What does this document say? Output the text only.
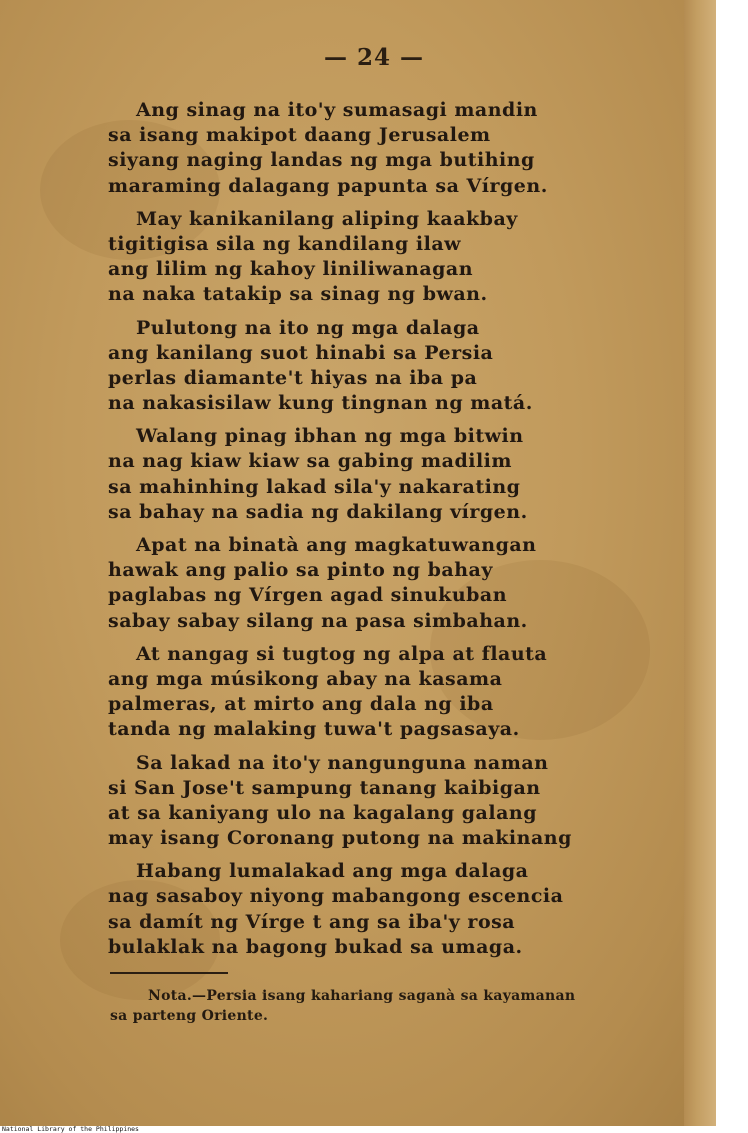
— 24 —
Ang sinag na ito'y sumasagi mandin
sa isang makipot daang Jerusalem
siyang naging landas ng mga butihing
maraming dalagang papunta sa Vírgen.
May kanikanilang aliping kaakbay
tigitigisa sila ng kandilang ilaw
ang lilim ng kahoy liniliwanagan
na naka tatakip sa sinag ng bwan.
Pulutong na ito ng mga dalaga
ang kanilang suot hinabi sa Persia
perlas diamante't hiyas na iba pa
na nakasisilaw kung tingnan ng matá.
Walang pinag ibhan ng mga bitwin
na nag kiaw kiaw sa gabing madilim
sa mahinhing lakad sila'y nakarating
sa bahay na sadia ng dakilang vírgen.
Apat na binatà ang magkatuwangan
hawak ang palio sa pinto ng bahay
paglabas ng Vírgen agad sinukuban
sabay sabay silang na pasa simbahan.
At nangag si tugtog ng alpa at flauta
ang mga músikong abay na kasama
palmeras, at mirto ang dala ng iba
tanda ng malaking tuwa't pagsasaya.
Sa lakad na ito'y nangunguna naman
si San Jose't sampung tanang kaibigan
at sa kaniyang ulo na kagalang galang
may isang Coronang putong na makinang
Habang lumalakad ang mga dalaga
nag sasaboy niyong mabangong escencia
sa damít ng Vírge t ang sa iba'y rosa
bulaklak na bagong bukad sa umaga.
Nota.—Persia isang kahariang saganà sa kayamanan
sa parteng Oriente.
National Library of the Philippines
